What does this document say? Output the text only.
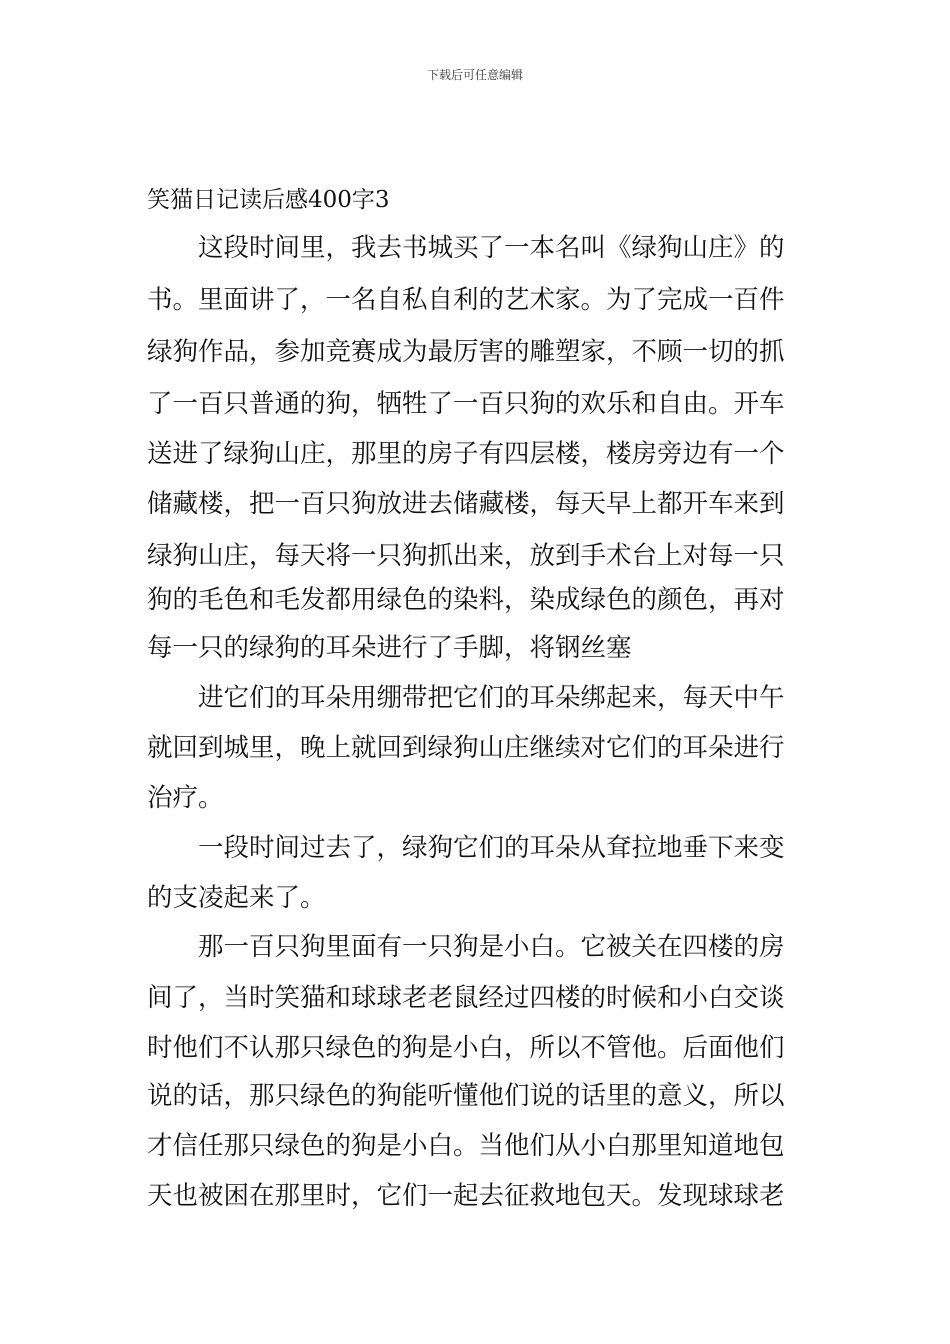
下载后可任意编辑
笑猫日记读后感400字3
这段时间里，我去书城买了一本名叫《绿狗山庄》的
书。里面讲了，一名自私自利的艺术家。为了完成一百件
绿狗作品，参加竞赛成为最厉害的雕塑家，不顾一切的抓
了一百只普通的狗，牺牲了一百只狗的欢乐和自由。开车
送进了绿狗山庄，那里的房子有四层楼，楼房旁边有一个
储藏楼，把一百只狗放进去储藏楼，每天早上都开车来到
绿狗山庄，每天将一只狗抓出来，放到手术台上对每一只
狗的毛色和毛发都用绿色的染料，染成绿色的颜色，再对
每一只的绿狗的耳朵进行了手脚，将钢丝塞
进它们的耳朵用绷带把它们的耳朵绑起来，每天中午
就回到城里，晚上就回到绿狗山庄继续对它们的耳朵进行
治疗。
一段时间过去了，绿狗它们的耳朵从耷拉地垂下来变
的支凌起来了。
那一百只狗里面有一只狗是小白。它被关在四楼的房
间了，当时笑猫和球球老老鼠经过四楼的时候和小白交谈
时他们不认那只绿色的狗是小白，所以不管他。后面他们
说的话，那只绿色的狗能听懂他们说的话里的意义，所以
才信任那只绿色的狗是小白。当他们从小白那里知道地包
天也被困在那里时，它们一起去征救地包天。发现球球老
